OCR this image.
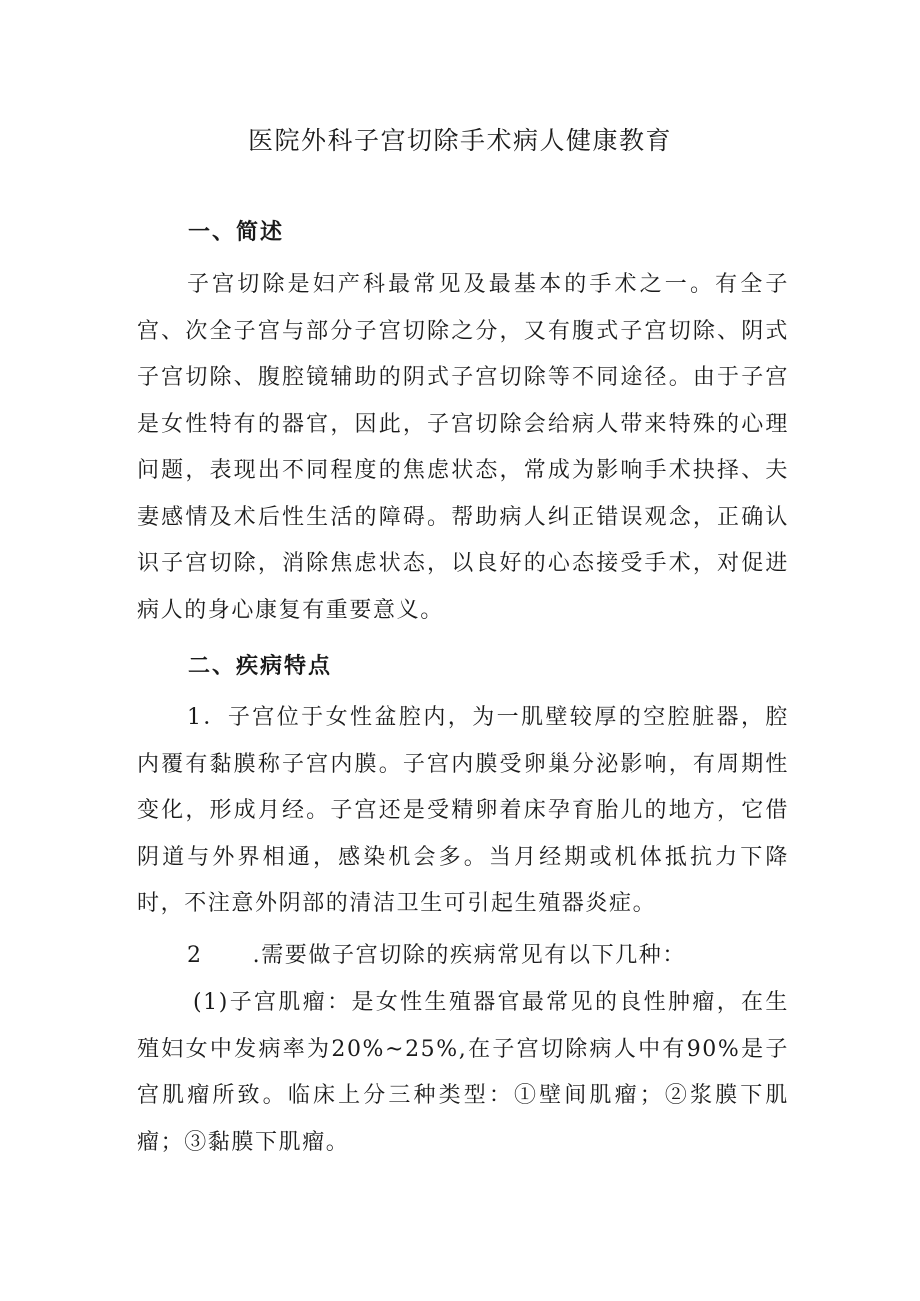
医院外科子宫切除手术病人健康教育
一、简述

子宫切除是妇产科最常见及最基本的手术之一。有全子宫、次全子宫与部分子宫切除之分，又有腹式子宫切除、阴式子宫切除、腹腔镜辅助的阴式子宫切除等不同途径。由于子宫是女性特有的器官，因此，子宫切除会给病人带来特殊的心理问题，表现出不同程度的焦虑状态，常成为影响手术抉择、夫妻感情及术后性生活的障碍。帮助病人纠正错误观念，正确认识子宫切除，消除焦虑状态，以良好的心态接受手术，对促进病人的身心康复有重要意义。

二、疾病特点

1．子宫位于女性盆腔内，为一肌壁较厚的空腔脏器，腔内覆有黏膜称子宫内膜。子宫内膜受卵巢分泌影响，有周期性变化，形成月经。子宫还是受精卵着床孕育胎儿的地方，它借阴道与外界相通，感染机会多。当月经期或机体抵抗力下降时，不注意外阴部的清洁卫生可引起生殖器炎症。

2 .需要做子宫切除的疾病常见有以下几种：

(1)子宫肌瘤：是女性生殖器官最常见的良性肿瘤，在生殖妇女中发病率为20%~25%,在子宫切除病人中有90%是子宫肌瘤所致。临床上分三种类型：①壁间肌瘤；②浆膜下肌瘤；③黏膜下肌瘤。
